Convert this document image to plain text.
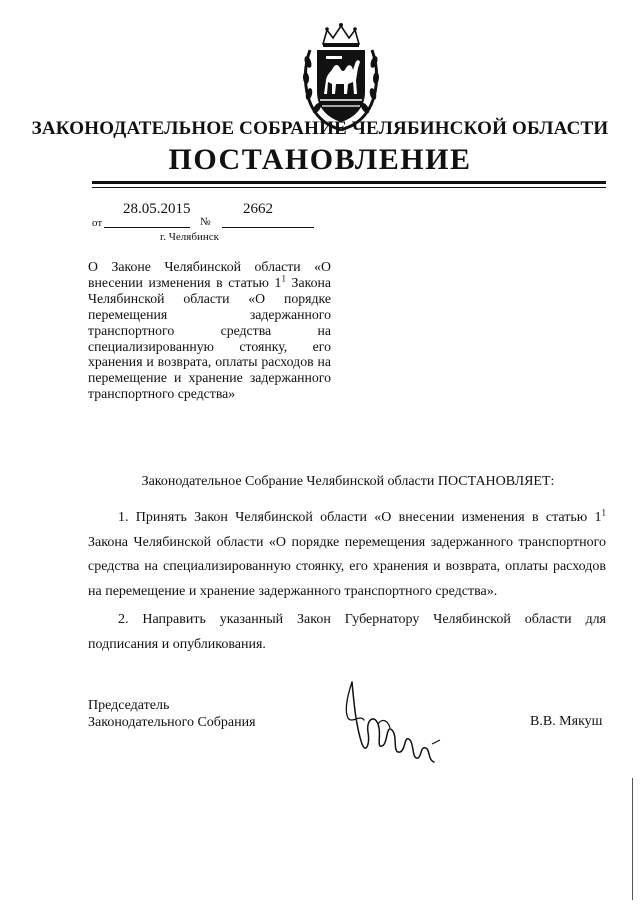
ЗАКОНОДАТЕЛЬНОЕ СОБРАНИЕ ЧЕЛЯБИНСКОЙ ОБЛАСТИ
ПОСТАНОВЛЕНИЕ
28.05.2015	2662
от	№
г. Челябинск
О Законе Челябинской области «О внесении изменения в статью $1^1$ Закона Челябинской области «О порядке перемещения задержанного транспортного средства на специализированную стоянку, его хранения и возврата, оплаты расходов на перемещение и хранение задержанного транспортного средства»
Законодательное Собрание Челябинской области ПОСТАНОВЛЯЕТ:

1. Принять Закон Челябинской области «О внесении изменения в статью $1^1$ Закона Челябинской области «О порядке перемещения задержанного транспортного средства на специализированную стоянку, его хранения и возврата, оплаты расходов на перемещение и хранение задержанного транспортного средства».

2. Направить указанный Закон Губернатору Челябинской области для подписания и опубликования.

Председатель
Законодательного Собрания	В.В. Мякуш
